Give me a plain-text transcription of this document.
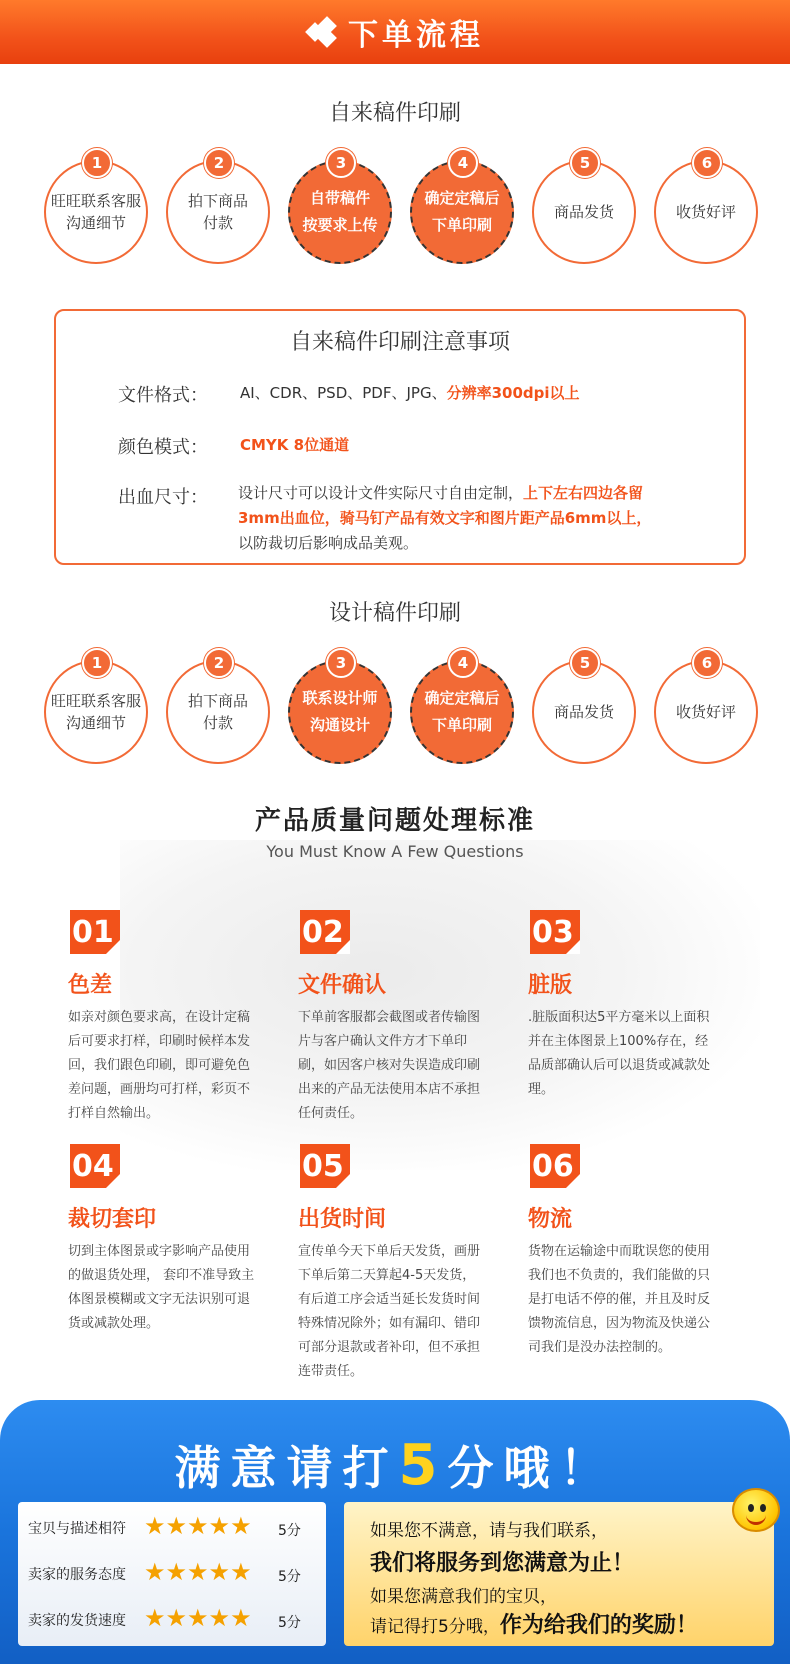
下单流程
自来稿件印刷
旺旺联系客服
沟通细节
1
拍下商品
付款
2
自带稿件
按要求上传
3
确定定稿后
下单印刷
4
商品发货
5
收货好评
6
自来稿件印刷注意事项
文件格式： AI、CDR、PSD、PDF、JPG、分辨率300dpi以上
颜色模式： CMYK 8位通道
出血尺寸： 设计尺寸可以设计文件实际尺寸自由定制，上下左右四边各留
3mm出血位，骑马钉产品有效文字和图片距产品6mm以上，
以防裁切后影响成品美观。
设计稿件印刷
旺旺联系客服
沟通细节
1
拍下商品
付款
2
联系设计师
沟通设计
3
确定定稿后
下单印刷
4
商品发货
5
收货好评
6
产品质量问题处理标准
You Must Know A Few Questions
01
色差
如亲对颜色要求高，在设计定稿后可要求打样，印刷时候样本发回，我们跟色印刷，即可避免色差问题，画册均可打样，彩页不打样自然输出。
02
文件确认
下单前客服都会截图或者传输图片与客户确认文件方才下单印刷，如因客户核对失误造成印刷出来的产品无法使用本店不承担任何责任。
03
脏版
.脏版面积达5平方毫米以上面积并在主体图景上100%存在，经品质部确认后可以退货或减款处理。
04
裁切套印
切到主体图景或字影响产品使用的做退货处理， 套印不准导致主体图景模糊或文字无法识别可退货或减款处理。
05
出货时间
宣传单今天下单后天发货，画册下单后第二天算起4-5天发货，有后道工序会适当延长发货时间特殊情况除外；如有漏印、错印可部分退款或者补印，但不承担连带责任。
06
物流
货物在运输途中而耽误您的使用我们也不负责的，我们能做的只是打电话不停的催，并且及时反馈物流信息，因为物流及快递公司我们是没办法控制的。
满意请打5分哦！
宝贝与描述相符 ★★★★★ 5分
卖家的服务态度 ★★★★★ 5分
卖家的发货速度 ★★★★★ 5分
如果您不满意，请与我们联系，
我们将服务到您满意为止！
如果您满意我们的宝贝，
请记得打5分哦，作为给我们的奖励！
